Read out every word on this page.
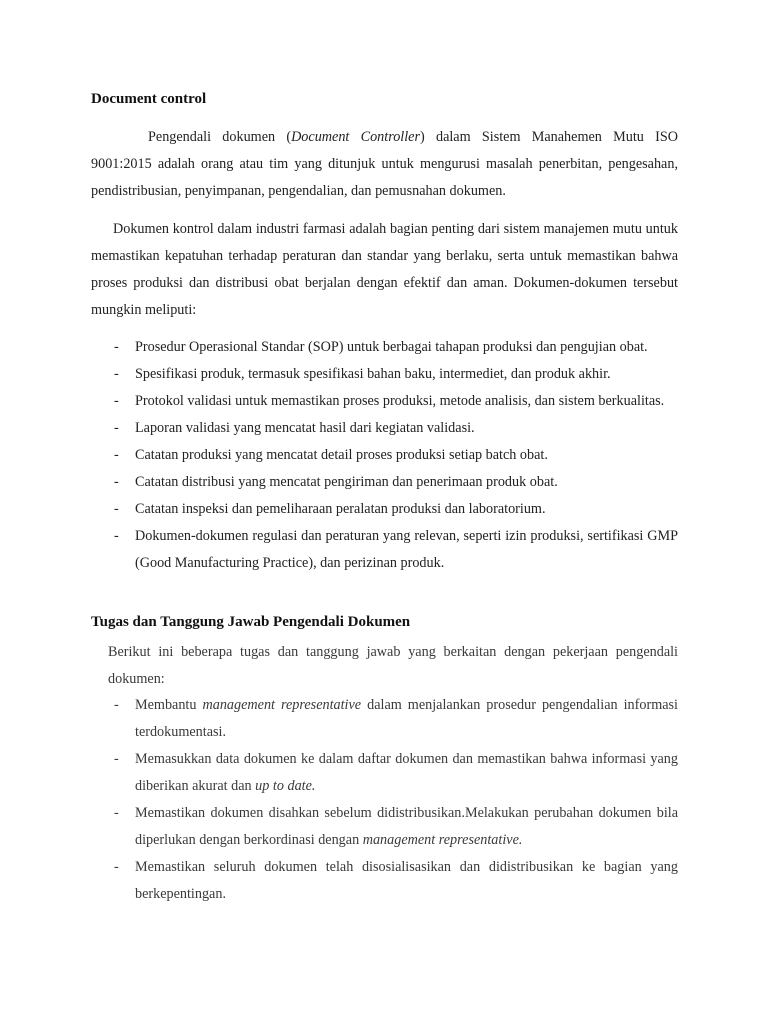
Document control

Pengendali dokumen (Document Controller) dalam Sistem Manahemen Mutu ISO 9001:2015 adalah orang atau tim yang ditunjuk untuk mengurusi masalah penerbitan, pengesahan, pendistribusian, penyimpanan, pengendalian, dan pemusnahan dokumen.

Dokumen kontrol dalam industri farmasi adalah bagian penting dari sistem manajemen mutu untuk memastikan kepatuhan terhadap peraturan dan standar yang berlaku, serta untuk memastikan bahwa proses produksi dan distribusi obat berjalan dengan efektif dan aman. Dokumen-dokumen tersebut mungkin meliputi:

- Prosedur Operasional Standar (SOP) untuk berbagai tahapan produksi dan pengujian obat.
- Spesifikasi produk, termasuk spesifikasi bahan baku, intermediet, dan produk akhir.
- Protokol validasi untuk memastikan proses produksi, metode analisis, dan sistem berkualitas.
- Laporan validasi yang mencatat hasil dari kegiatan validasi.
- Catatan produksi yang mencatat detail proses produksi setiap batch obat.
- Catatan distribusi yang mencatat pengiriman dan penerimaan produk obat.
- Catatan inspeksi dan pemeliharaan peralatan produksi dan laboratorium.
- Dokumen-dokumen regulasi dan peraturan yang relevan, seperti izin produksi, sertifikasi GMP (Good Manufacturing Practice), dan perizinan produk.
Tugas dan Tanggung Jawab Pengendali Dokumen

Berikut ini beberapa tugas dan tanggung jawab yang berkaitan dengan pekerjaan pengendali dokumen:

- Membantu management representative dalam menjalankan prosedur pengendalian informasi terdokumentasi.
- Memasukkan data dokumen ke dalam daftar dokumen dan memastikan bahwa informasi yang diberikan akurat dan up to date.
- Memastikan dokumen disahkan sebelum didistribusikan.Melakukan perubahan dokumen bila diperlukan dengan berkordinasi dengan management representative.
- Memastikan seluruh dokumen telah disosialisasikan dan didistribusikan ke bagian yang berkepentingan.
